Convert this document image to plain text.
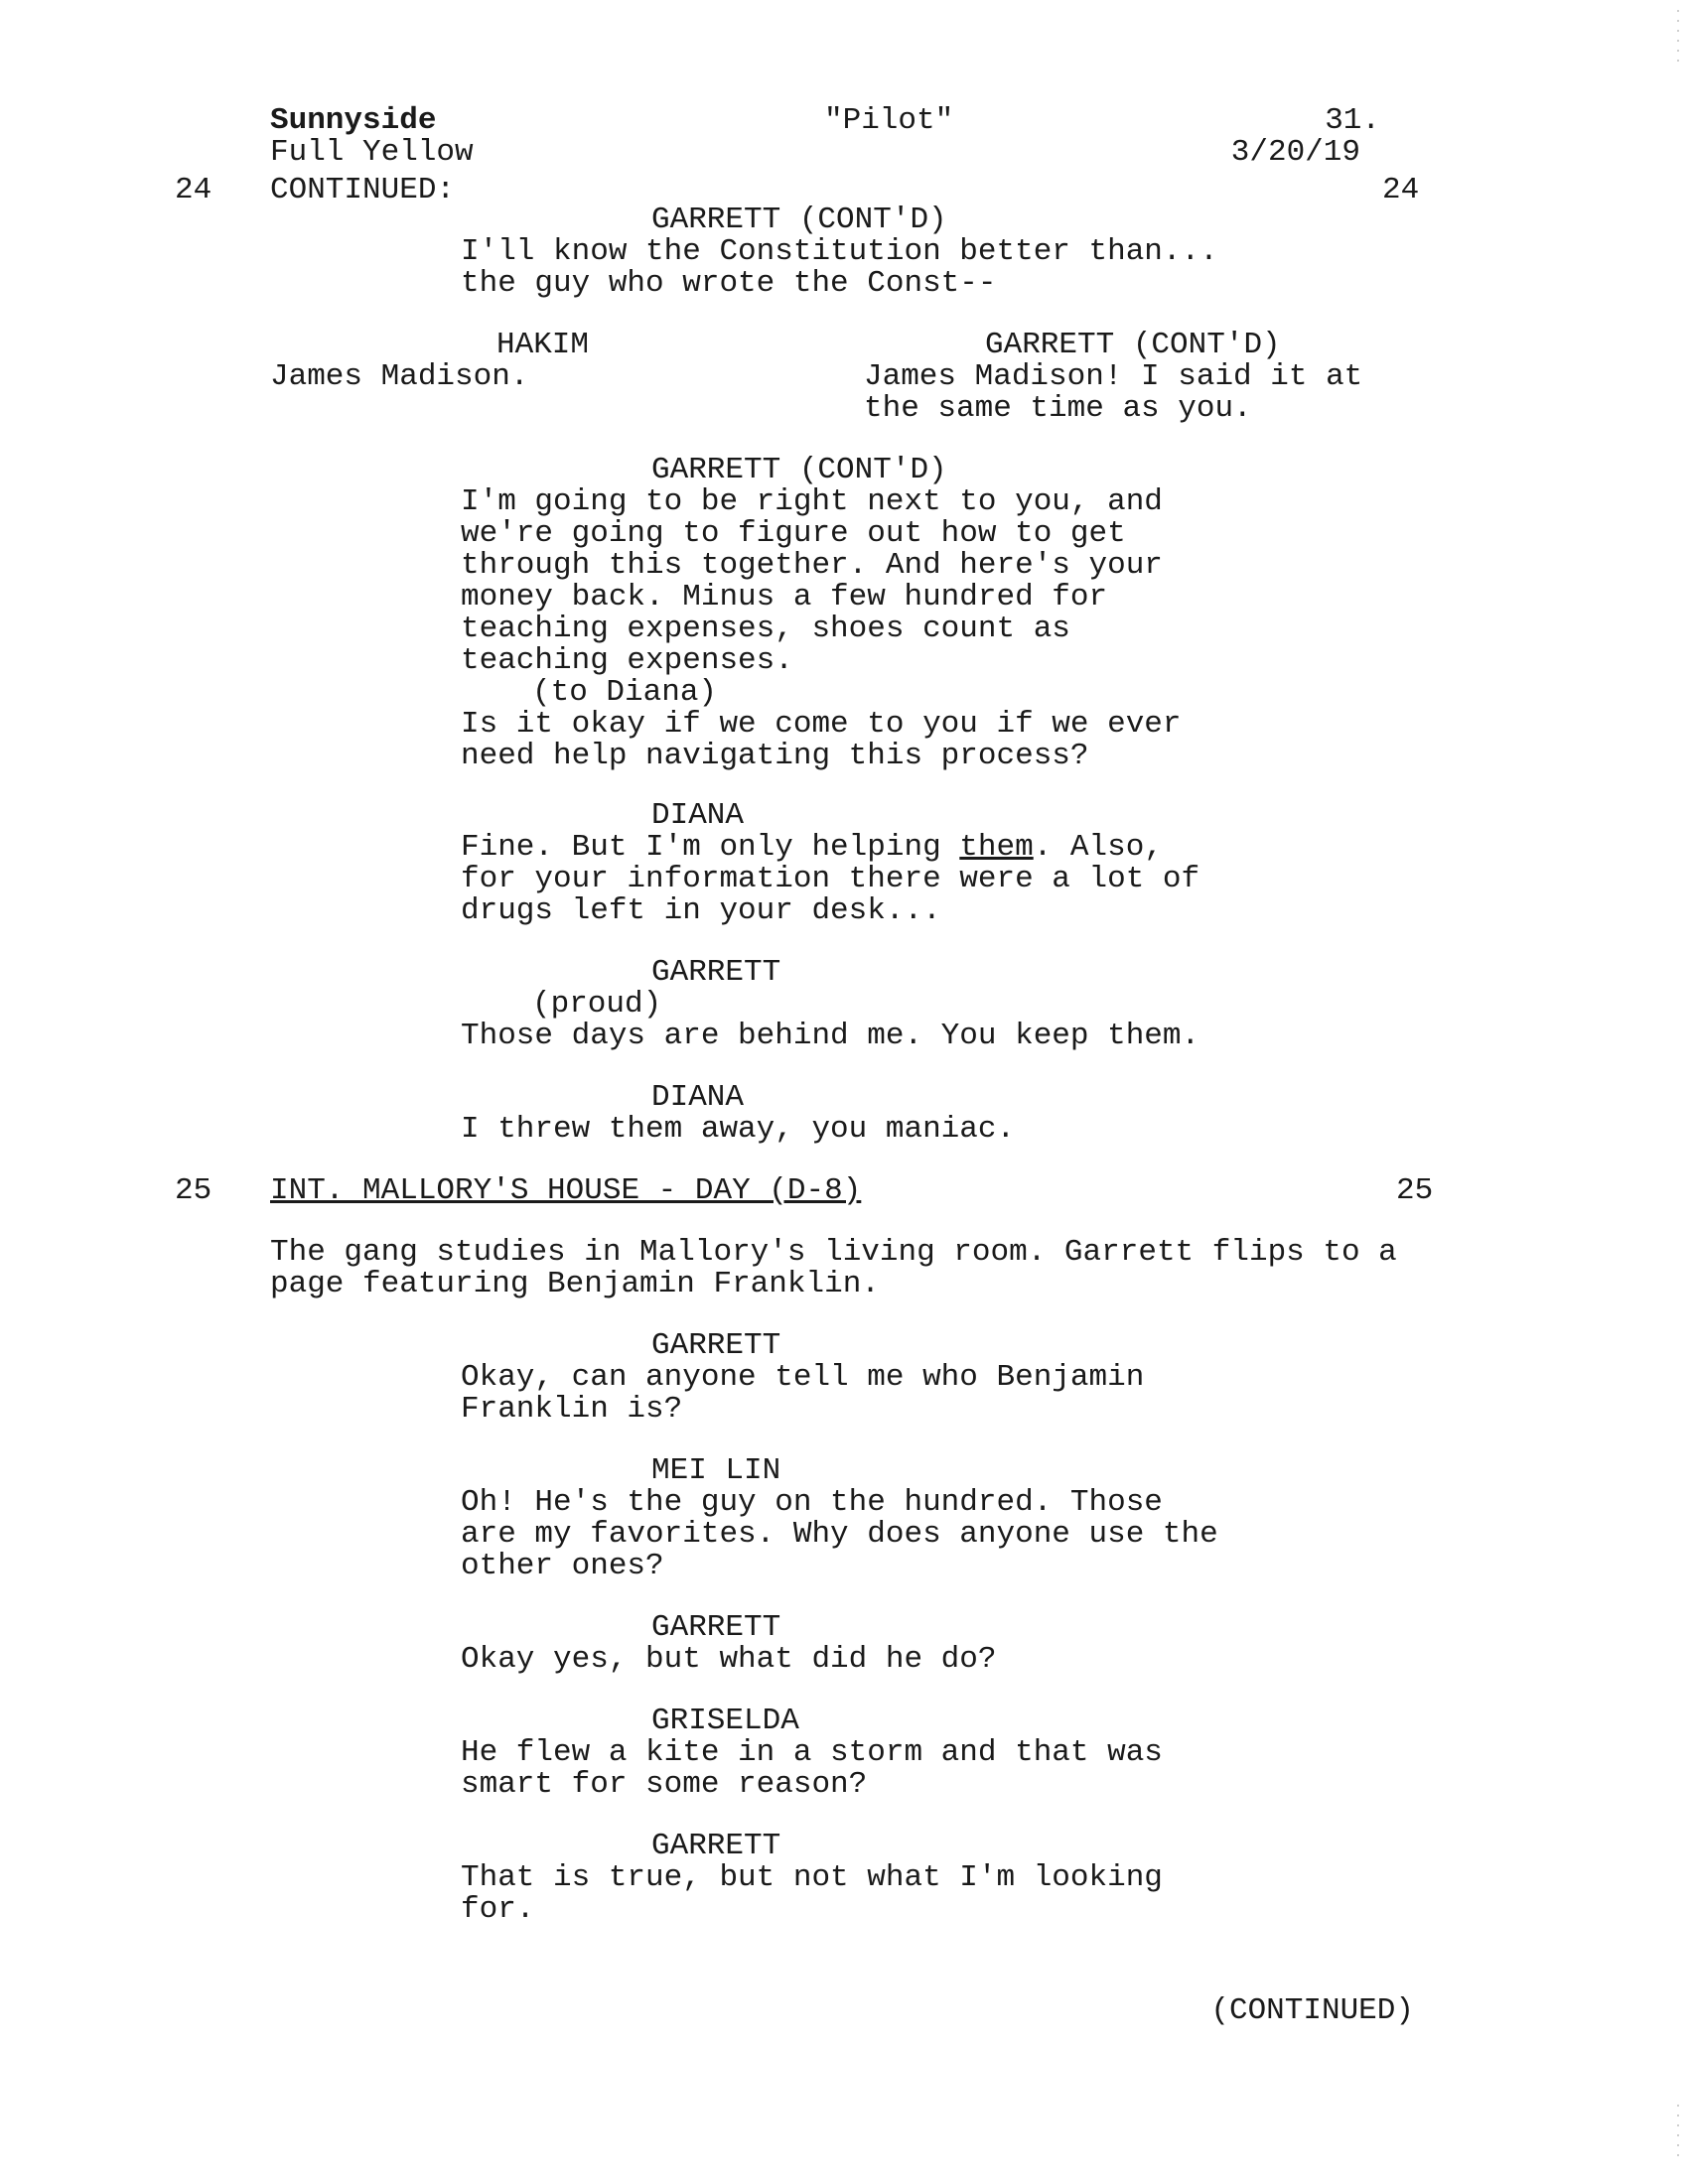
Sunnyside	"Pilot"	31.
Full Yellow	3/20/19
24 CONTINUED:	24
GARRETT (CONT'D)
I'll know the Constitution better than...
the guy who wrote the Const--
HAKIM
James Madison.
GARRETT (CONT'D)
James Madison! I said it at
the same time as you.
GARRETT (CONT'D)
I'm going to be right next to you, and
we're going to figure out how to get
through this together. And here's your
money back. Minus a few hundred for
teaching expenses, shoes count as
teaching expenses.
(to Diana)
Is it okay if we come to you if we ever
need help navigating this process?
DIANA
Fine. But I'm only helping them. Also,
for your information there were a lot of
drugs left in your desk...
GARRETT
(proud)
Those days are behind me. You keep them.
DIANA
I threw them away, you maniac.
25 INT. MALLORY'S HOUSE - DAY (D-8)	25
The gang studies in Mallory's living room. Garrett flips to a
page featuring Benjamin Franklin.
GARRETT
Okay, can anyone tell me who Benjamin
Franklin is?
MEI LIN
Oh! He's the guy on the hundred. Those
are my favorites. Why does anyone use the
other ones?
GARRETT
Okay yes, but what did he do?
GRISELDA
He flew a kite in a storm and that was
smart for some reason?
GARRETT
That is true, but not what I'm looking
for.
(CONTINUED)
